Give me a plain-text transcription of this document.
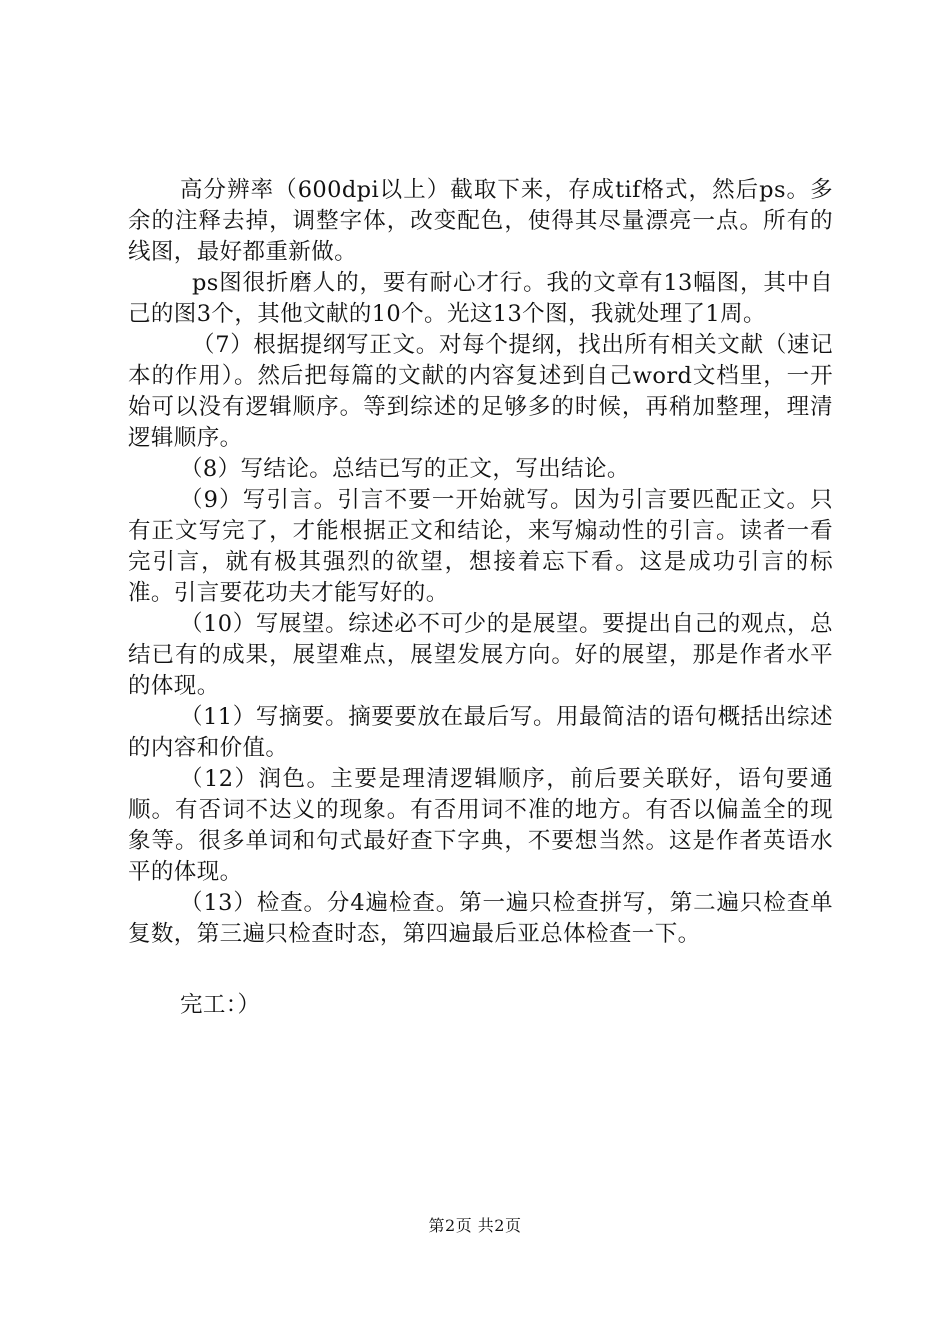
高分辨率（600dpi以上）截取下来，存成tif格式，然后ps。多余的注释去掉，调整字体，改变配色，使得其尽量漂亮一点。所有的线图，最好都重新做。

ps图很折磨人的，要有耐心才行。我的文章有13幅图，其中自己的图3个，其他文献的10个。光这13个图，我就处理了1周。

（7）根据提纲写正文。对每个提纲，找出所有相关文献（速记本的作用）。然后把每篇的文献的内容复述到自己word文档里，一开始可以没有逻辑顺序。等到综述的足够多的时候，再稍加整理，理清逻辑顺序。

（8）写结论。总结已写的正文，写出结论。

（9）写引言。引言不要一开始就写。因为引言要匹配正文。只有正文写完了，才能根据正文和结论，来写煽动性的引言。读者一看完引言，就有极其强烈的欲望，想接着忘下看。这是成功引言的标准。引言要花功夫才能写好的。

（10）写展望。综述必不可少的是展望。要提出自己的观点，总结已有的成果，展望难点，展望发展方向。好的展望，那是作者水平的体现。

（11）写摘要。摘要要放在最后写。用最简洁的语句概括出综述的内容和价值。

（12）润色。主要是理清逻辑顺序，前后要关联好，语句要通顺。有否词不达义的现象。有否用词不准的地方。有否以偏盖全的现象等。很多单词和句式最好查下字典，不要想当然。这是作者英语水平的体现。

（13）检查。分4遍检查。第一遍只检查拼写，第二遍只检查单复数，第三遍只检查时态，第四遍最后亚总体检查一下。

完工：）

第2页 共2页
